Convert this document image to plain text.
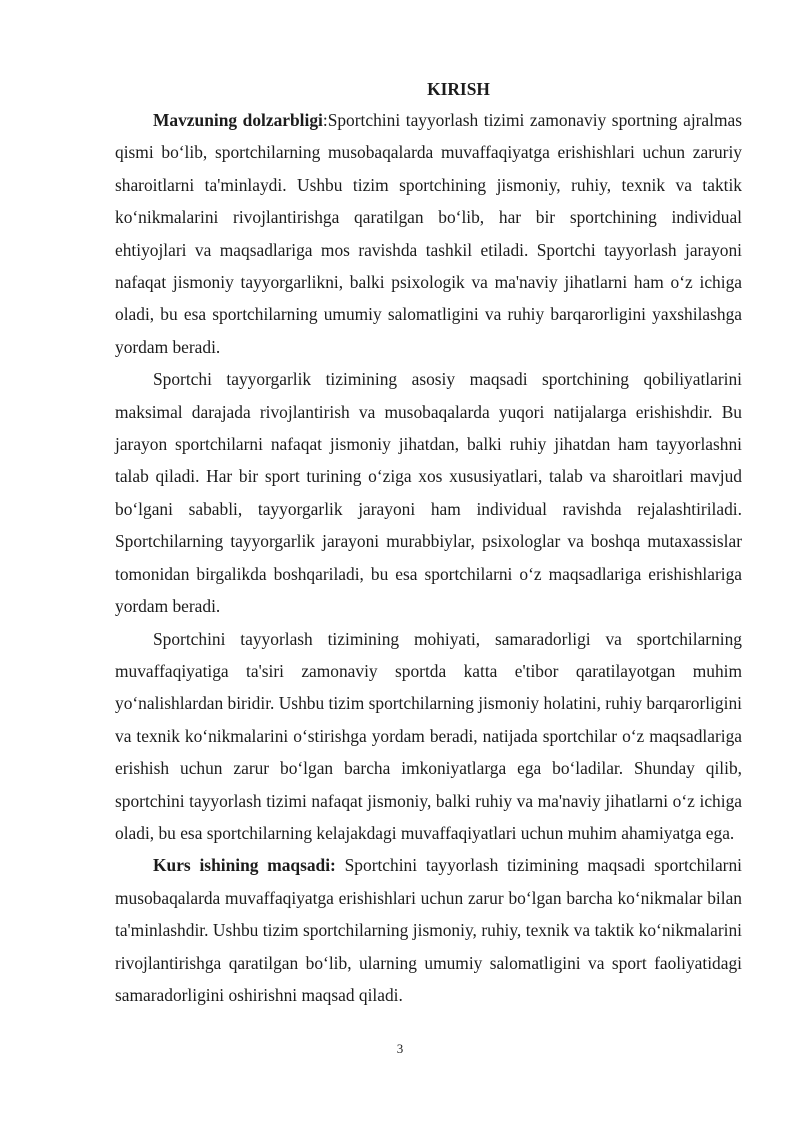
KIRISH

Mavzuning dolzarbligi:Sportchini tayyorlash tizimi zamonaviy sportning ajralmas qismi bo‘lib, sportchilarning musobaqalarda muvaffaqiyatga erishishlari uchun zaruriy sharoitlarni ta'minlaydi. Ushbu tizim sportchining jismoniy, ruhiy, texnik va taktik ko‘nikmalarini rivojlantirishga qaratilgan bo‘lib, har bir sportchining individual ehtiyojlari va maqsadlariga mos ravishda tashkil etiladi. Sportchi tayyorlash jarayoni nafaqat jismoniy tayyorgarlikni, balki psixologik va ma'naviy jihatlarni ham o‘z ichiga oladi, bu esa sportchilarning umumiy salomatligini va ruhiy barqarorligini yaxshilashga yordam beradi.

Sportchi tayyorgarlik tizimining asosiy maqsadi sportchining qobiliyatlarini maksimal darajada rivojlantirish va musobaqalarda yuqori natijalarga erishishdir. Bu jarayon sportchilarni nafaqat jismoniy jihatdan, balki ruhiy jihatdan ham tayyorlashni talab qiladi. Har bir sport turining o‘ziga xos xususiyatlari, talab va sharoitlari mavjud bo‘lgani sababli, tayyorgarlik jarayoni ham individual ravishda rejalashtiriladi. Sportchilarning tayyorgarlik jarayoni murabbiylar, psixologlar va boshqa mutaxassislar tomonidan birgalikda boshqariladi, bu esa sportchilarni o‘z maqsadlariga erishishlariga yordam beradi.

Sportchini tayyorlash tizimining mohiyati, samaradorligi va sportchilarning muvaffaqiyatiga ta'siri zamonaviy sportda katta e'tibor qaratilayotgan muhim yo‘nalishlardan biridir. Ushbu tizim sportchilarning jismoniy holatini, ruhiy barqarorligini va texnik ko‘nikmalarini o‘stirishga yordam beradi, natijada sportchilar o‘z maqsadlariga erishish uchun zarur bo‘lgan barcha imkoniyatlarga ega bo‘ladilar. Shunday qilib, sportchini tayyorlash tizimi nafaqat jismoniy, balki ruhiy va ma'naviy jihatlarni o‘z ichiga oladi, bu esa sportchilarning kelajakdagi muvaffaqiyatlari uchun muhim ahamiyatga ega.

Kurs ishining maqsadi: Sportchini tayyorlash tizimining maqsadi sportchilarni musobaqalarda muvaffaqiyatga erishishlari uchun zarur bo‘lgan barcha ko‘nikmalar bilan ta'minlashdir. Ushbu tizim sportchilarning jismoniy, ruhiy, texnik va taktik ko‘nikmalarini rivojlantirishga qaratilgan bo‘lib, ularning umumiy salomatligini va sport faoliyatidagi samaradorligini oshirishni maqsad qiladi.

3
